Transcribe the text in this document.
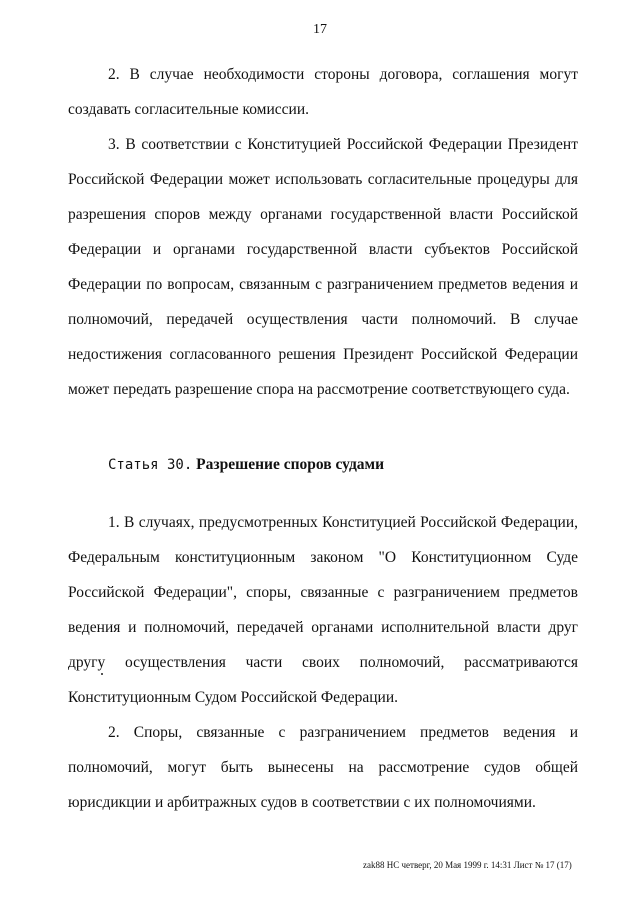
17

2. В случае необходимости стороны договора, соглашения могут создавать согласительные комиссии.

3. В соответствии с Конституцией Российской Федерации Президент Российской Федерации может использовать согласительные процедуры для разрешения споров между органами государственной власти Российской Федерации и органами государственной власти субъектов Российской Федерации по вопросам, связанным с разграничением предметов ведения и полномочий, передачей осуществления части полномочий. В случае недостижения согласованного решения Президент Российской Федерации может передать разрешение спора на рассмотрение соответствующего суда.

Статья 30. Разрешение споров судами

1. В случаях, предусмотренных Конституцией Российской Федерации, Федеральным конституционным законом "О Конституционном Суде Российской Федерации", споры, связанные с разграничением предметов ведения и полномочий, передачей органами исполнительной власти друг другу осуществления части своих полномочий, рассматриваются Конституционным Судом Российской Федерации.

2. Споры, связанные с разграничением предметов ведения и полномочий, могут быть вынесены на рассмотрение судов общей юрисдикции и арбитражных судов в соответствии с их полномочиями.

zak88 НС четверг, 20 Мая 1999 г. 14:31 Лист № 17 (17)
